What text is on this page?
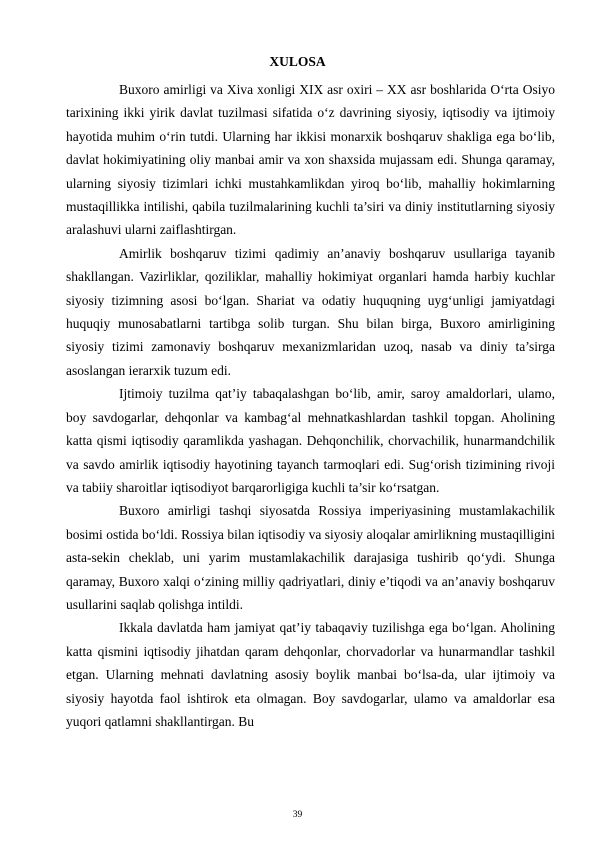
XULOSA

Buxoro amirligi va Xiva xonligi XIX asr oxiri – XX asr boshlarida O‘rta Osiyo tarixining ikki yirik davlat tuzilmasi sifatida o‘z davrining siyosiy, iqtisodiy va ijtimoiy hayotida muhim o‘rin tutdi. Ularning har ikkisi monarxik boshqaruv shakliga ega bo‘lib, davlat hokimiyatining oliy manbai amir va xon shaxsida mujassam edi. Shunga qaramay, ularning siyosiy tizimlari ichki mustahkamlikdan yiroq bo‘lib, mahalliy hokimlarning mustaqillikka intilishi, qabila tuzilmalarining kuchli ta’siri va diniy institutlarning siyosiy aralashuvi ularni zaiflashtirgan.

Amirlik boshqaruv tizimi qadimiy an’anaviy boshqaruv usullariga tayanib shakllangan. Vazirliklar, qoziliklar, mahalliy hokimiyat organlari hamda harbiy kuchlar siyosiy tizimning asosi bo‘lgan. Shariat va odatiy huquqning uyg‘unligi jamiyatdagi huquqiy munosabatlarni tartibga solib turgan. Shu bilan birga, Buxoro amirligining siyosiy tizimi zamonaviy boshqaruv mexanizmlaridan uzoq, nasab va diniy ta’sirga asoslangan ierarxik tuzum edi.

Ijtimoiy tuzilma qat’iy tabaqalashgan bo‘lib, amir, saroy amaldorlari, ulamo, boy savdogarlar, dehqonlar va kambag‘al mehnatkashlardan tashkil topgan. Aholining katta qismi iqtisodiy qaramlikda yashagan. Dehqonchilik, chorvachilik, hunarmandchilik va savdo amirlik iqtisodiy hayotining tayanch tarmoqlari edi. Sug‘orish tizimining rivoji va tabiiy sharoitlar iqtisodiyot barqarorligiga kuchli ta’sir ko‘rsatgan.

Buxoro amirligi tashqi siyosatda Rossiya imperiyasining mustamlakachilik bosimi ostida bo‘ldi. Rossiya bilan iqtisodiy va siyosiy aloqalar amirlikning mustaqilligini asta-sekin cheklab, uni yarim mustamlakachilik darajasiga tushirib qo‘ydi. Shunga qaramay, Buxoro xalqi o‘zining milliy qadriyatlari, diniy e’tiqodi va an’anaviy boshqaruv usullarini saqlab qolishga intildi.

Ikkala davlatda ham jamiyat qat’iy tabaqaviy tuzilishga ega bo‘lgan. Aholining katta qismini iqtisodiy jihatdan qaram dehqonlar, chorvadorlar va hunarmandlar tashkil etgan. Ularning mehnati davlatning asosiy boylik manbai bo‘lsa-da, ular ijtimoiy va siyosiy hayotda faol ishtirok eta olmagan. Boy savdogarlar, ulamo va amaldorlar esa yuqori qatlamni shakllantirgan. Bu

39
